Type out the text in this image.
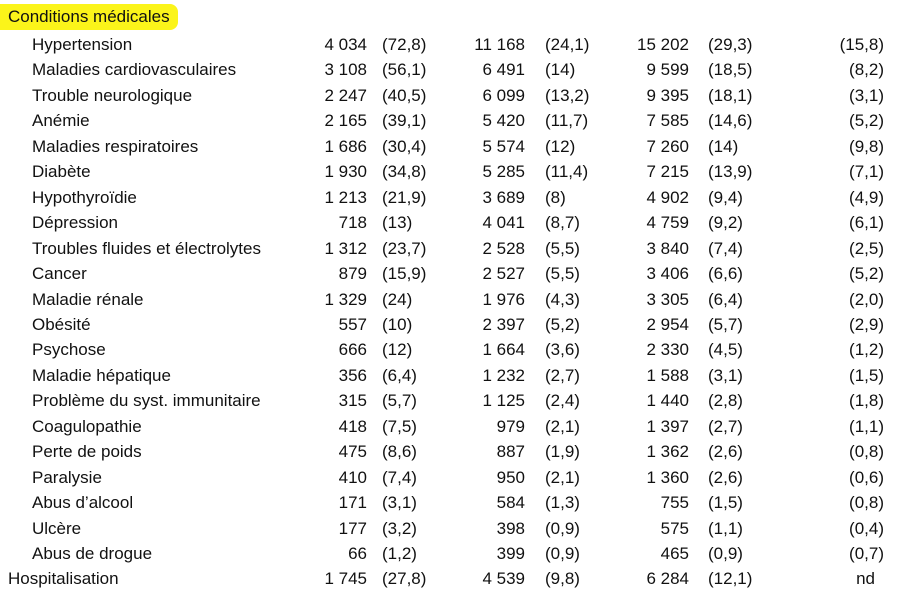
Conditions médicales
Hypertension	4 034 (72,8)	11 168 (24,1)	15 202 (29,3)	(15,8)
Maladies cardiovasculaires	3 108 (56,1)	6 491 (14)	9 599 (18,5)	(8,2)
Trouble neurologique	2 247 (40,5)	6 099 (13,2)	9 395 (18,1)	(3,1)
Anémie	2 165 (39,1)	5 420 (11,7)	7 585 (14,6)	(5,2)
Maladies respiratoires	1 686 (30,4)	5 574 (12)	7 260 (14)	(9,8)
Diabète	1 930 (34,8)	5 285 (11,4)	7 215 (13,9)	(7,1)
Hypothyroïdie	1 213 (21,9)	3 689 (8)	4 902 (9,4)	(4,9)
Dépression	718 (13)	4 041 (8,7)	4 759 (9,2)	(6,1)
Troubles fluides et électrolytes	1 312 (23,7)	2 528 (5,5)	3 840 (7,4)	(2,5)
Cancer	879 (15,9)	2 527 (5,5)	3 406 (6,6)	(5,2)
Maladie rénale	1 329 (24)	1 976 (4,3)	3 305 (6,4)	(2,0)
Obésité	557 (10)	2 397 (5,2)	2 954 (5,7)	(2,9)
Psychose	666 (12)	1 664 (3,6)	2 330 (4,5)	(1,2)
Maladie hépatique	356 (6,4)	1 232 (2,7)	1 588 (3,1)	(1,5)
Problème du syst. immunitaire	315 (5,7)	1 125 (2,4)	1 440 (2,8)	(1,8)
Coagulopathie	418 (7,5)	979 (2,1)	1 397 (2,7)	(1,1)
Perte de poids	475 (8,6)	887 (1,9)	1 362 (2,6)	(0,8)
Paralysie	410 (7,4)	950 (2,1)	1 360 (2,6)	(0,6)
Abus d’alcool	171 (3,1)	584 (1,3)	755 (1,5)	(0,8)
Ulcère	177 (3,2)	398 (0,9)	575 (1,1)	(0,4)
Abus de drogue	66 (1,2)	399 (0,9)	465 (0,9)	(0,7)
Hospitalisation	1 745 (27,8)	4 539 (9,8)	6 284 (12,1)	nd
